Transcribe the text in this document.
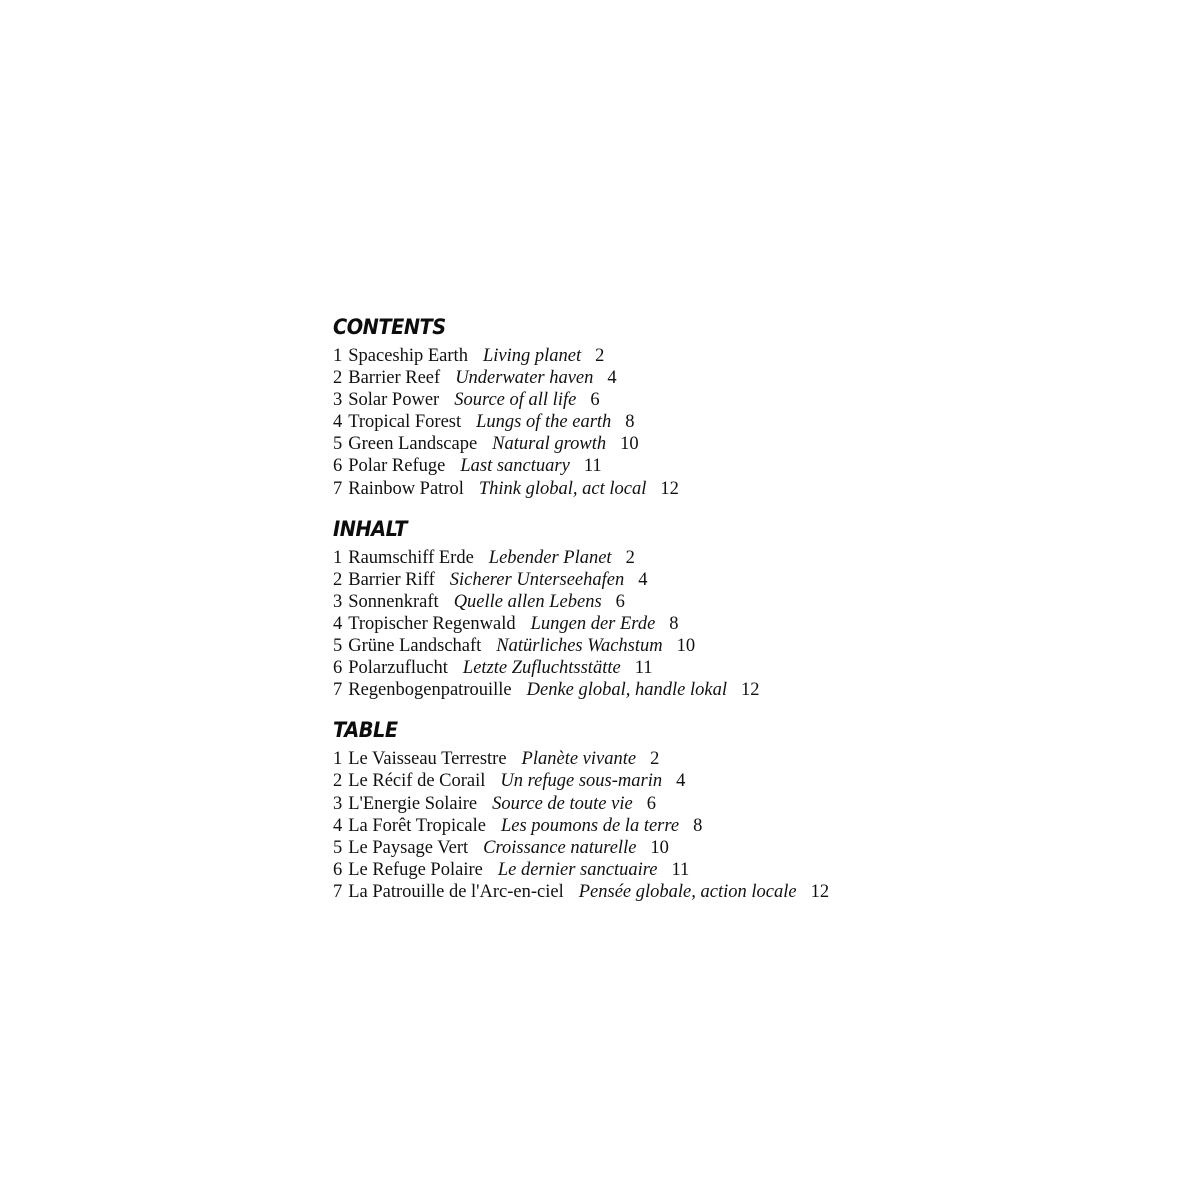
CONTENTS
1 Spaceship Earth Living planet 2
2 Barrier Reef Underwater haven 4
3 Solar Power Source of all life 6
4 Tropical Forest Lungs of the earth 8
5 Green Landscape Natural growth 10
6 Polar Refuge Last sanctuary 11
7 Rainbow Patrol Think global, act local 12
INHALT
1 Raumschiff Erde Lebender Planet 2
2 Barrier Riff Sicherer Unterseehafen 4
3 Sonnenkraft Quelle allen Lebens 6
4 Tropischer Regenwald Lungen der Erde 8
5 Grüne Landschaft Natürliches Wachstum 10
6 Polarzuflucht Letzte Zufluchtsstätte 11
7 Regenbogenpatrouille Denke global, handle lokal 12
TABLE
1 Le Vaisseau Terrestre Planète vivante 2
2 Le Récif de Corail Un refuge sous-marin 4
3 L'Energie Solaire Source de toute vie 6
4 La Forêt Tropicale Les poumons de la terre 8
5 Le Paysage Vert Croissance naturelle 10
6 Le Refuge Polaire Le dernier sanctuaire 11
7 La Patrouille de l'Arc-en-ciel Pensée globale, action locale 12
